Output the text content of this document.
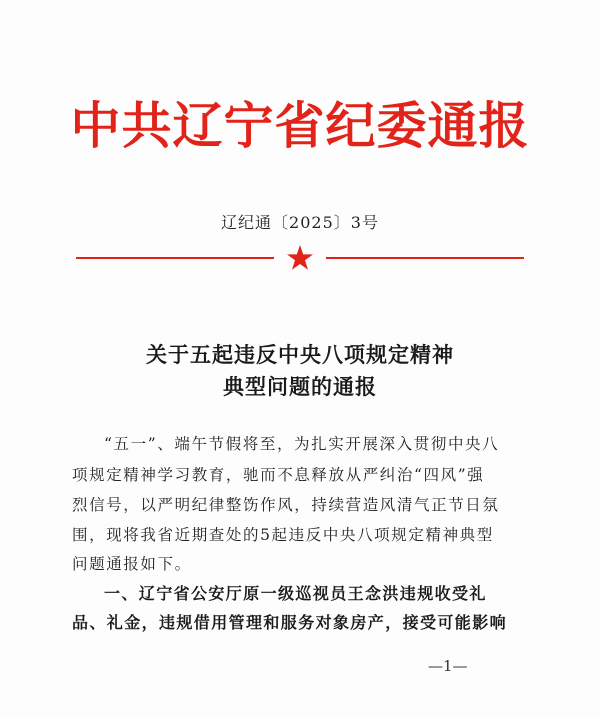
中共辽宁省纪委通报
辽纪通〔2025〕3号
关于五起违反中央八项规定精神
典型问题的通报
“五一”、端午节假将至，为扎实开展深入贯彻中央八
项规定精神学习教育，驰而不息释放从严纠治“四风”强
烈信号，以严明纪律整饬作风，持续营造风清气正节日氛
围，现将我省近期查处的5起违反中央八项规定精神典型
问题通报如下。
一、辽宁省公安厅原一级巡视员王念洪违规收受礼
品、礼金，违规借用管理和服务对象房产，接受可能影响
—1—
